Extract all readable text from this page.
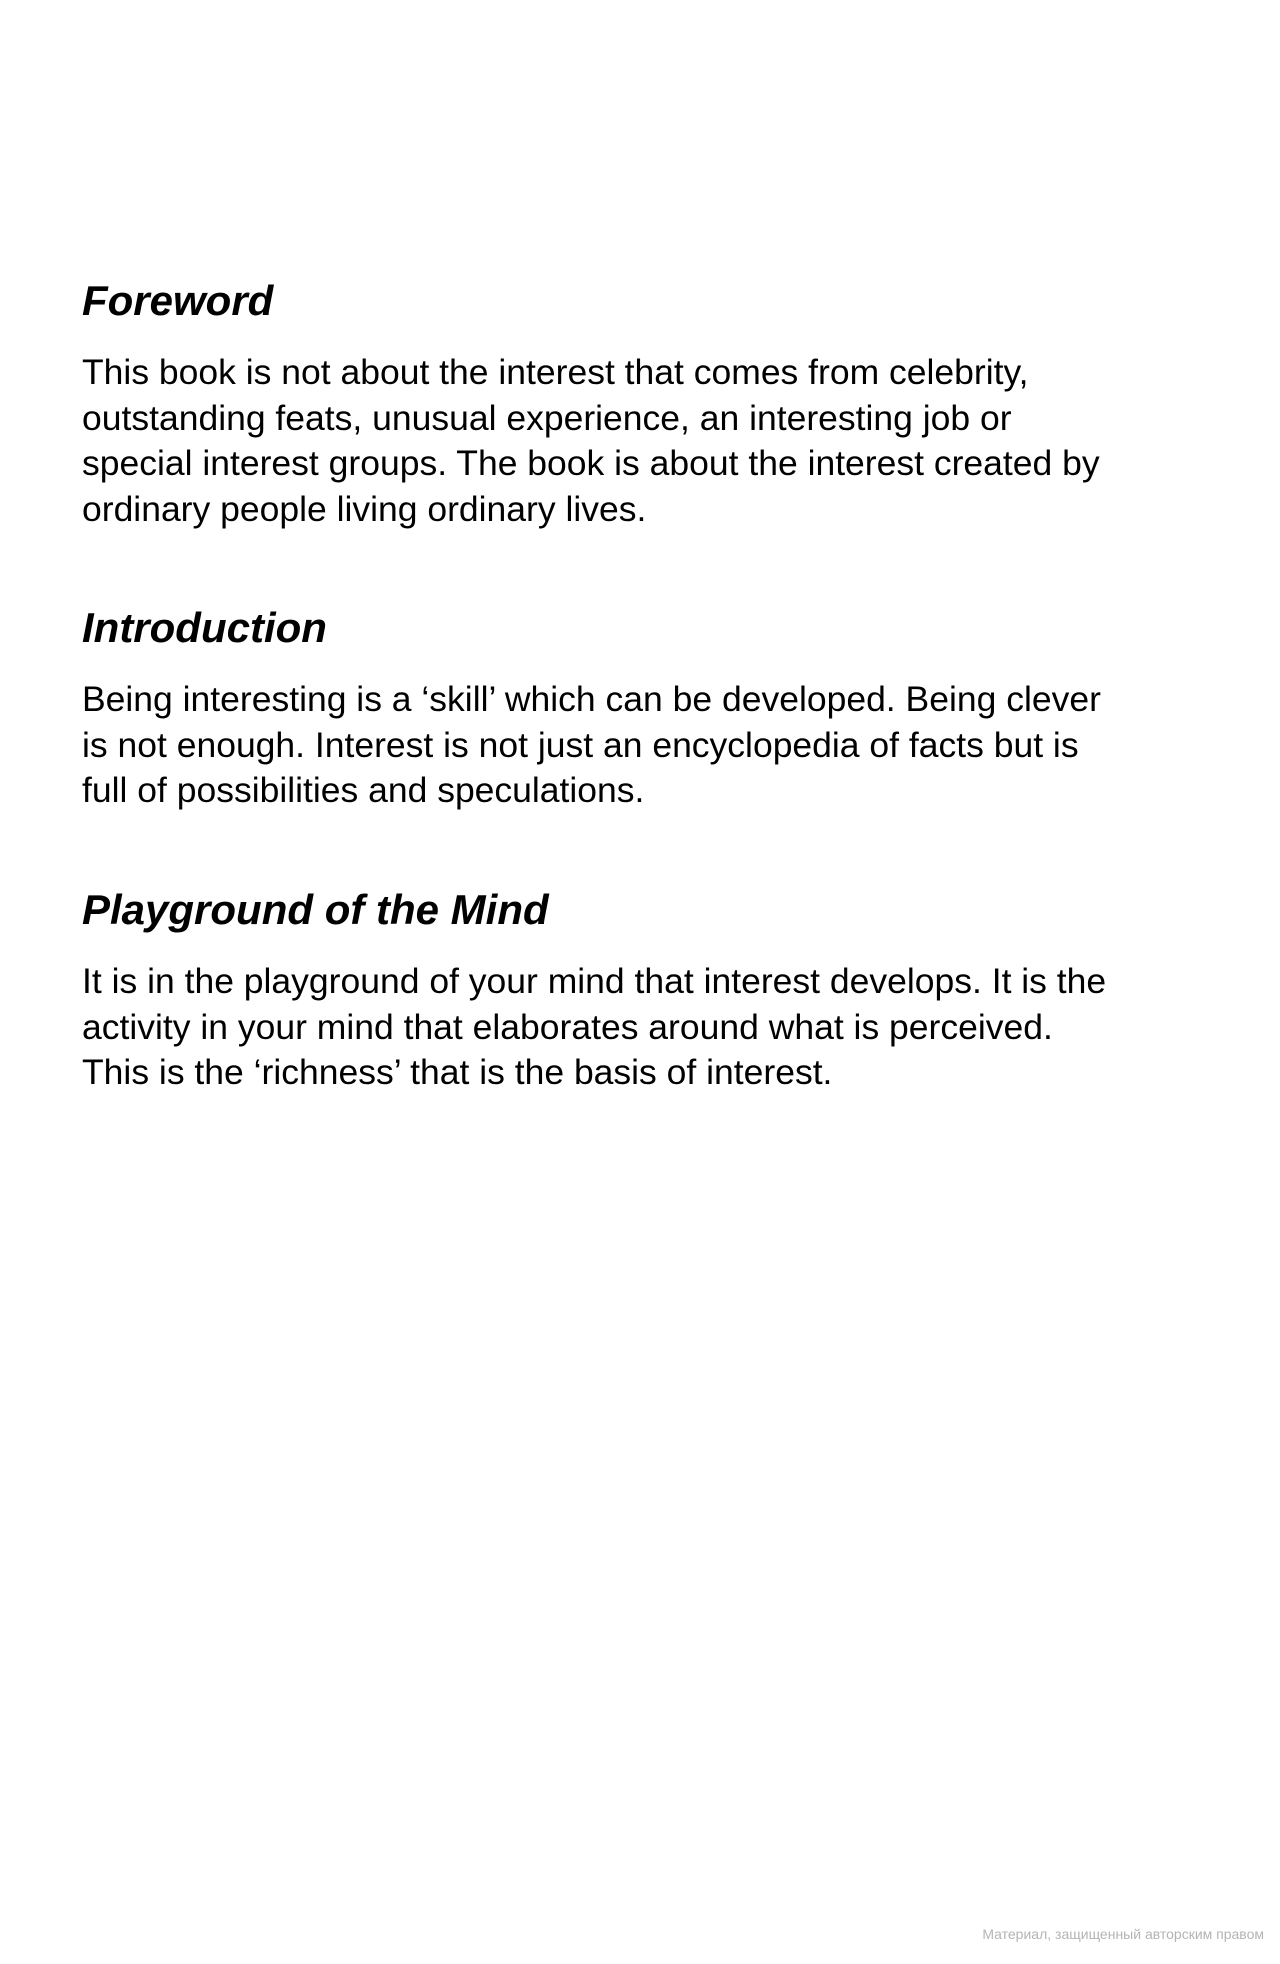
Foreword

This book is not about the interest that comes from celebrity,
outstanding feats, unusual experience, an interesting job or
special interest groups. The book is about the interest created by
ordinary people living ordinary lives.

Introduction

Being interesting is a ‘skill’ which can be developed. Being clever
is not enough. Interest is not just an encyclopedia of facts but is
full of possibilities and speculations.

Playground of the Mind

It is in the playground of your mind that interest develops. It is the
activity in your mind that elaborates around what is perceived.
This is the ‘richness’ that is the basis of interest.

Материал, защищенный авторским правом
